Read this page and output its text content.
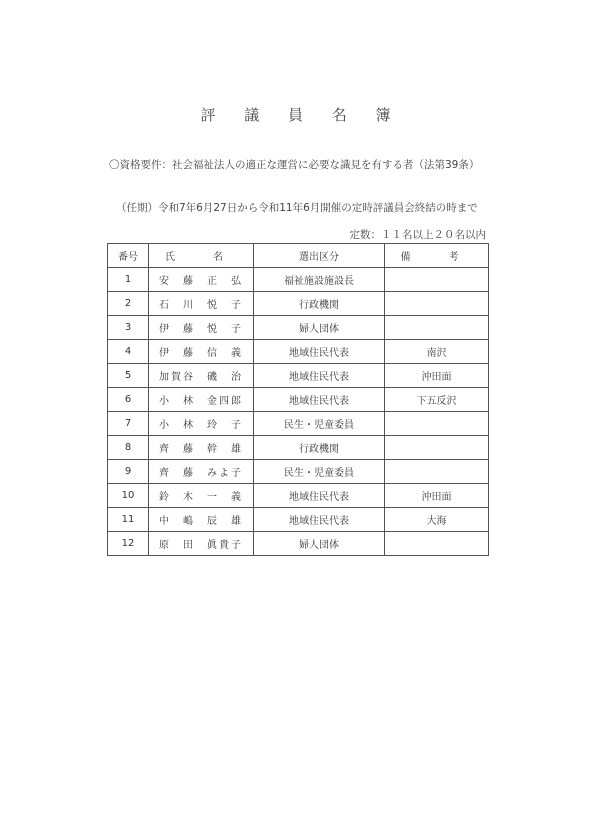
評 議 員 名 簿
〇資格要件：社会福祉法人の適正な運営に必要な識見を有する者（法第39条）
（任期）令和7年6月27日から令和11年6月開催の定時評議員会終結の時まで
定数：１１名以上２０名以内
番号	氏　名	選出区分	備　考
1	安　藤　正　弘	福祉施設施設長	
2	石　川　悦　子	行政機関	
3	伊　藤　悦　子	婦人団体	
4	伊　藤　信　義	地域住民代表	南沢
5	加賀谷　磯　治	地域住民代表	沖田面
6	小　林　金四郎	地域住民代表	下五反沢
7	小　林　玲　子	民生・児童委員	
8	齊　藤　幹　雄	行政機関	
9	齊　藤　みよ子	民生・児童委員	
10	鈴　木　一　義	地域住民代表	沖田面
11	中　嶋　辰　雄	地域住民代表	大海
12	原　田　眞貴子	婦人団体	
